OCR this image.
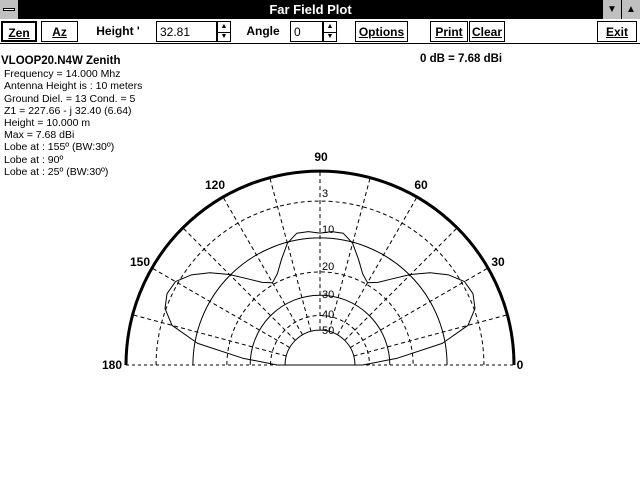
Far Field Plot	▼ ▲
Zen	Az	Height '	32.81	▲
▼	Angle	0	▲
▼	Options	Print Clear	Exit
VLOOP20.N4W Zenith
Frequency = 14.000 Mhz
Antenna Height is : 10 meters
Ground Diel. = 13 Cond. = 5
Z1 = 227.66 - j 32.40 (6.64)
Height = 10.000 m
Max = 7.68 dBi
Lobe at : 155º (BW:30º)
Lobe at : 90º
Lobe at : 25º (BW:30º)
0 dB = 7.68 dBi
0
30
60
90
120
150
180
3
10
20
30
40
50
